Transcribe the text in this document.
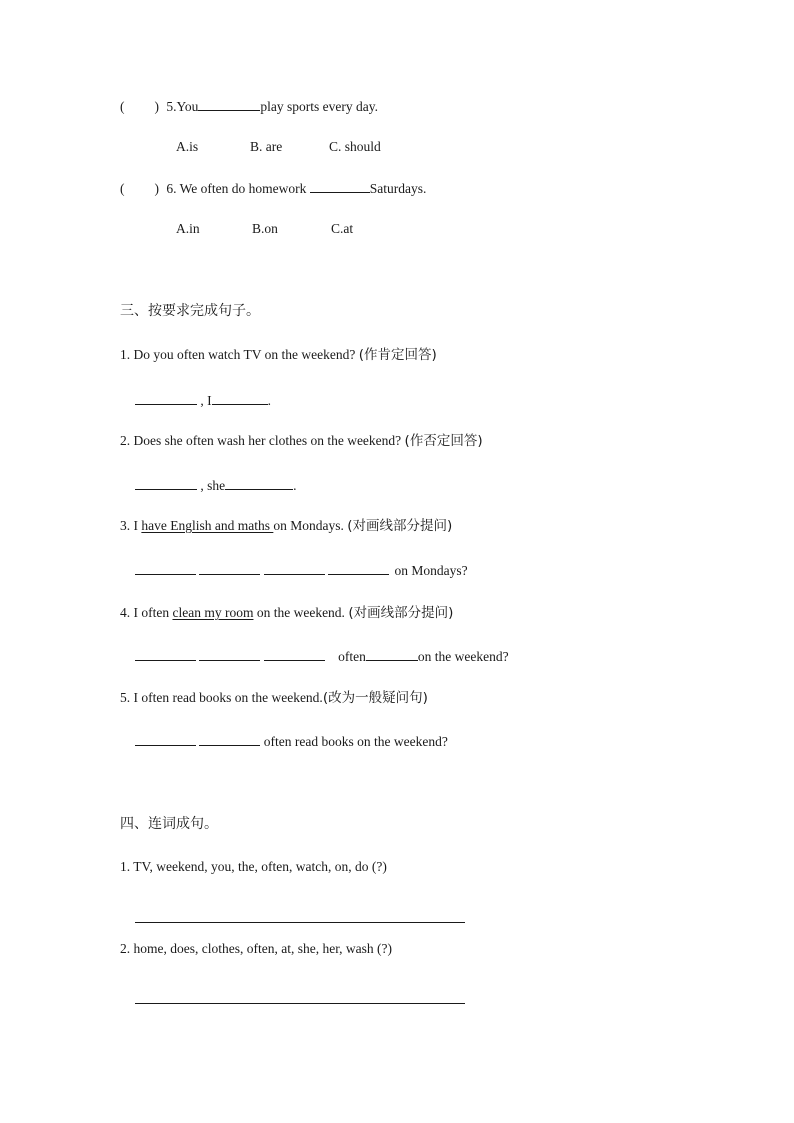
( ) 5.You	play sports every day.
A.is	B. are	C. should
( ) 6. We often do homework	Saturdays.
A.in	B.on	C.at
三、按要求完成句子。
1. Do you often watch TV on the weekend? (作肯定回答)
, I	.
2. Does she often wash her clothes on the weekend? (作否定回答)
, she	.
3. I have English and maths on Mondays. (对画线部分提问)
on Mondays?
4. I often clean my room on the weekend. (对画线部分提问)
often	on the weekend?
5. I often read books on the weekend.(改为一般疑问句)
often read books on the weekend?
四、连词成句。
1. TV, weekend, you, the, often, watch, on, do (?)
2. home, does, clothes, often, at, she, her, wash (?)
